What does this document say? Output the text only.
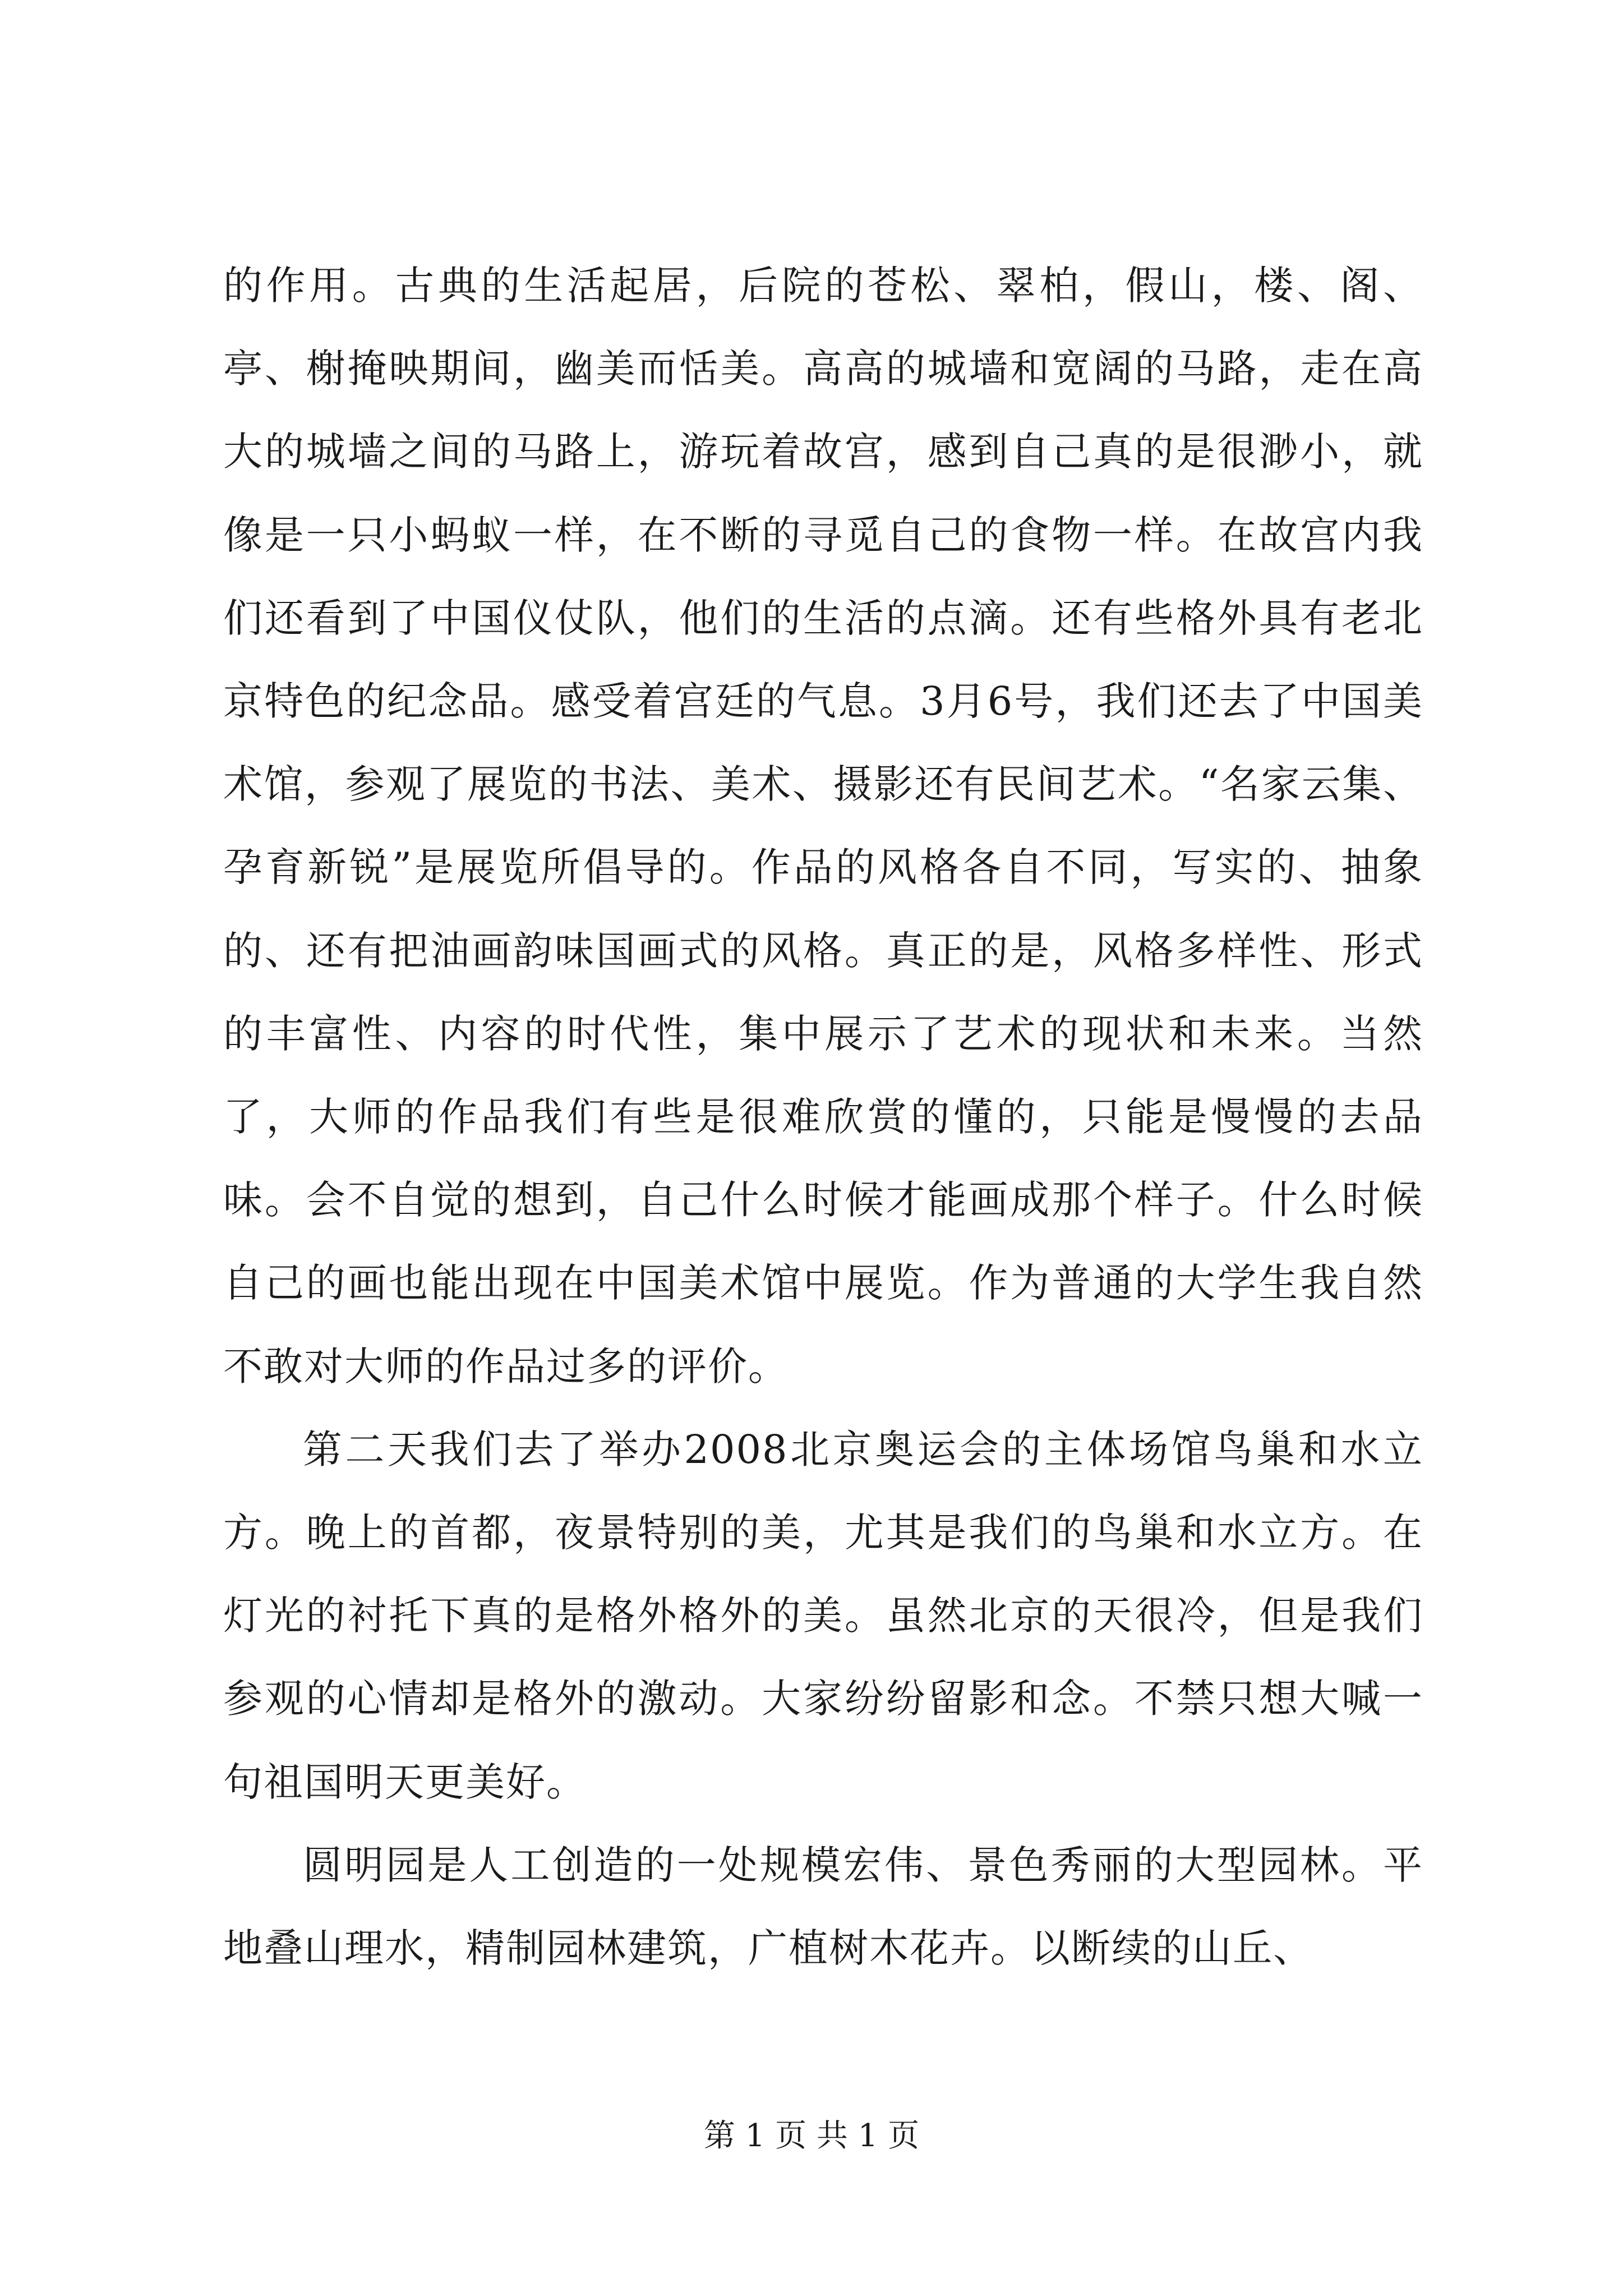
的作用。古典的生活起居，后院的苍松、翠柏，假山，楼、阁、亭、榭掩映期间，幽美而恬美。高高的城墙和宽阔的马路，走在高大的城墙之间的马路上，游玩着故宫，感到自己真的是很渺小，就像是一只小蚂蚁一样，在不断的寻觅自己的食物一样。在故宫内我们还看到了中国仪仗队，他们的生活的点滴。还有些格外具有老北京特色的纪念品。感受着宫廷的气息。3月6号，我们还去了中国美术馆，参观了展览的书法、美术、摄影还有民间艺术。“名家云集、孕育新锐”是展览所倡导的。作品的风格各自不同，写实的、抽象的、还有把油画韵味国画式的风格。真正的是，风格多样性、形式的丰富性、内容的时代性，集中展示了艺术的现状和未来。当然了，大师的作品我们有些是很难欣赏的懂的，只能是慢慢的去品味。会不自觉的想到，自己什么时候才能画成那个样子。什么时候自己的画也能出现在中国美术馆中展览。作为普通的大学生我自然不敢对大师的作品过多的评价。

第二天我们去了举办2008北京奥运会的主体场馆鸟巢和水立方。晚上的首都，夜景特别的美，尤其是我们的鸟巢和水立方。在灯光的衬托下真的是格外格外的美。虽然北京的天很冷，但是我们参观的心情却是格外的激动。大家纷纷留影和念。不禁只想大喊一句祖国明天更美好。

圆明园是人工创造的一处规模宏伟、景色秀丽的大型园林。平地叠山理水，精制园林建筑，广植树木花卉。以断续的山丘、

第 1 页 共 1 页
